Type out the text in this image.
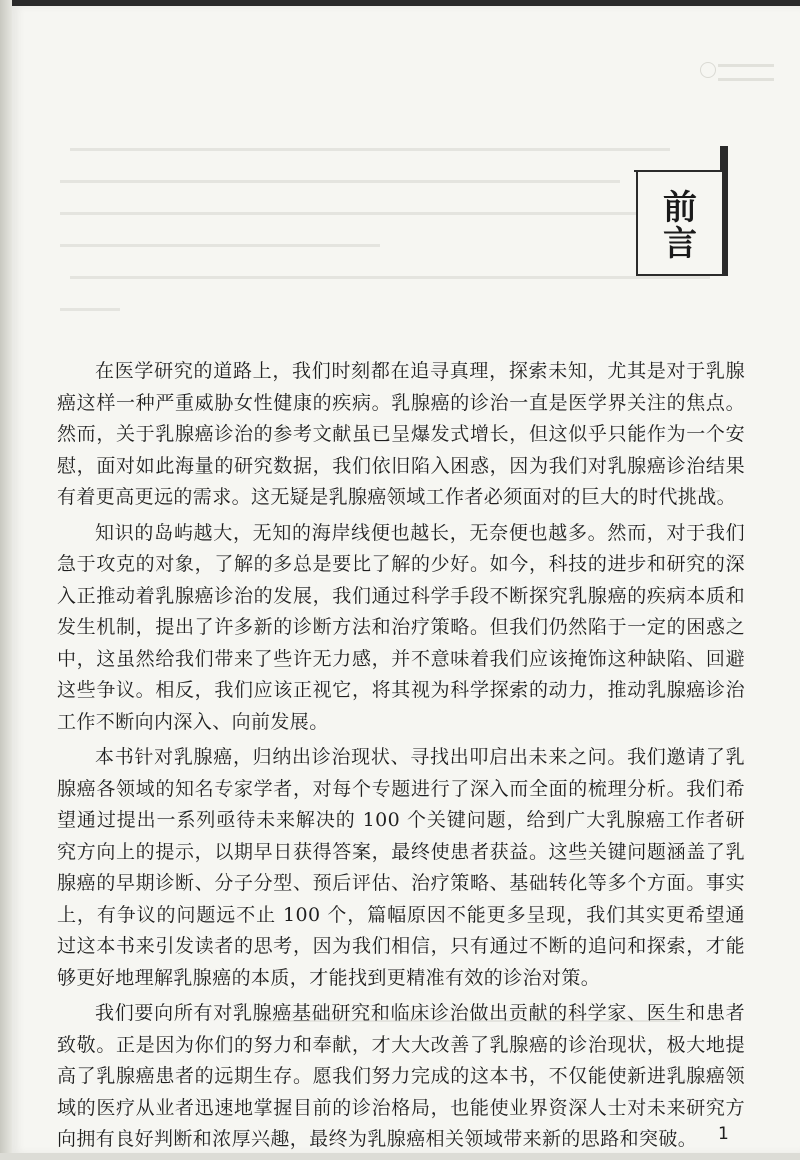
前言

在医学研究的道路上，我们时刻都在追寻真理，探索未知，尤其是对于乳腺癌这样一种严重威胁女性健康的疾病。乳腺癌的诊治一直是医学界关注的焦点。然而，关于乳腺癌诊治的参考文献虽已呈爆发式增长，但这似乎只能作为一个安慰，面对如此海量的研究数据，我们依旧陷入困惑，因为我们对乳腺癌诊治结果有着更高更远的需求。这无疑是乳腺癌领域工作者必须面对的巨大的时代挑战。

知识的岛屿越大，无知的海岸线便也越长，无奈便也越多。然而，对于我们急于攻克的对象，了解的多总是要比了解的少好。如今，科技的进步和研究的深入正推动着乳腺癌诊治的发展，我们通过科学手段不断探究乳腺癌的疾病本质和发生机制，提出了许多新的诊断方法和治疗策略。但我们仍然陷于一定的困惑之中，这虽然给我们带来了些许无力感，并不意味着我们应该掩饰这种缺陷、回避这些争议。相反，我们应该正视它，将其视为科学探索的动力，推动乳腺癌诊治工作不断向内深入、向前发展。

本书针对乳腺癌，归纳出诊治现状、寻找出叩启出未来之问。我们邀请了乳腺癌各领域的知名专家学者，对每个专题进行了深入而全面的梳理分析。我们希望通过提出一系列亟待未来解决的 100 个关键问题，给到广大乳腺癌工作者研究方向上的提示，以期早日获得答案，最终使患者获益。这些关键问题涵盖了乳腺癌的早期诊断、分子分型、预后评估、治疗策略、基础转化等多个方面。事实上，有争议的问题远不止 100 个，篇幅原因不能更多呈现，我们其实更希望通过这本书来引发读者的思考，因为我们相信，只有通过不断的追问和探索，才能够更好地理解乳腺癌的本质，才能找到更精准有效的诊治对策。

我们要向所有对乳腺癌基础研究和临床诊治做出贡献的科学家、医生和患者致敬。正是因为你们的努力和奉献，才大大改善了乳腺癌的诊治现状，极大地提高了乳腺癌患者的远期生存。愿我们努力完成的这本书，不仅能使新进乳腺癌领域的医疗从业者迅速地掌握目前的诊治格局，也能使业界资深人士对未来研究方向拥有良好判断和浓厚兴趣，最终为乳腺癌相关领域带来新的思路和突破。	1
